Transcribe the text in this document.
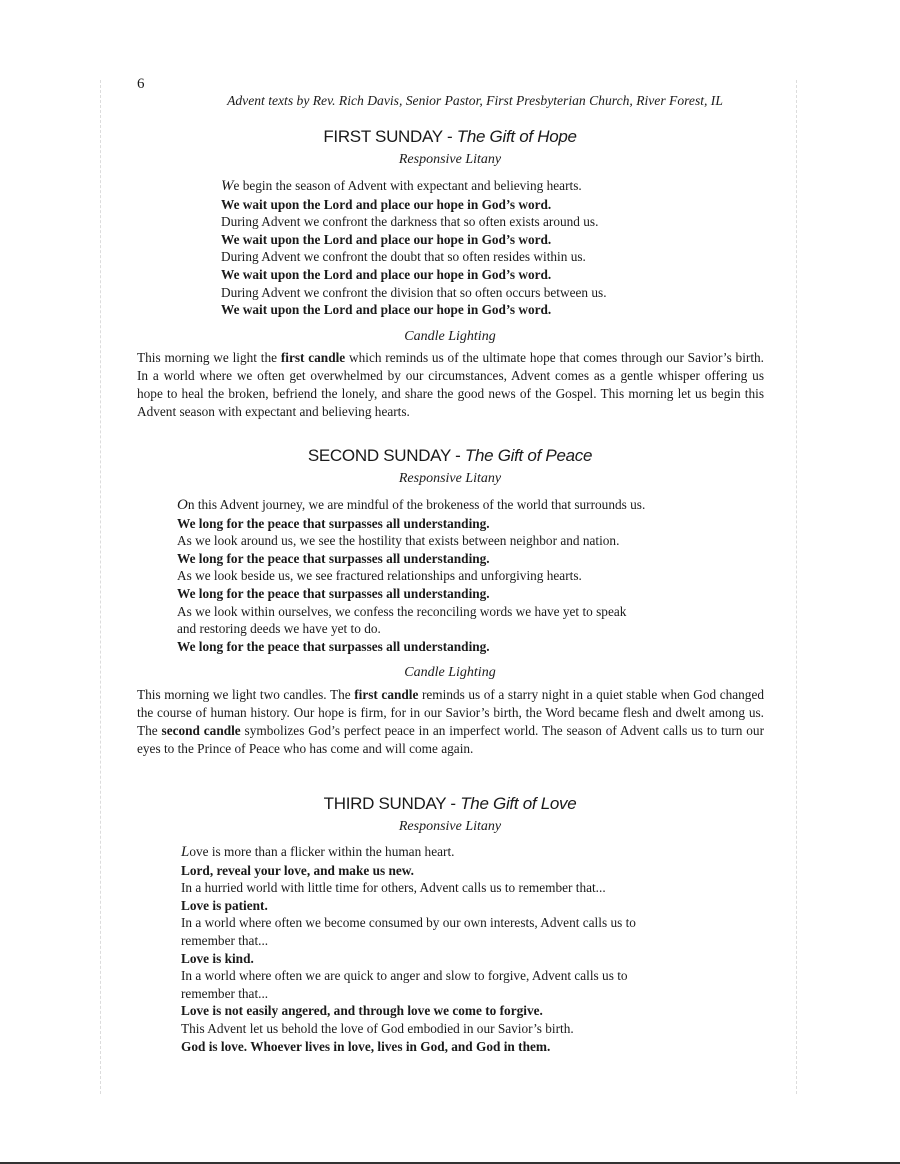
6
Advent texts by Rev. Rich Davis, Senior Pastor, First Presbyterian Church, River Forest, IL
FIRST SUNDAY - The Gift of Hope
Responsive Litany
We begin the season of Advent with expectant and believing hearts.
We wait upon the Lord and place our hope in God’s word.
During Advent we confront the darkness that so often exists around us.
We wait upon the Lord and place our hope in God’s word.
During Advent we confront the doubt that so often resides within us.
We wait upon the Lord and place our hope in God’s word.
During Advent we confront the division that so often occurs between us.
We wait upon the Lord and place our hope in God’s word.
Candle Lighting

This morning we light the first candle which reminds us of the ultimate hope that comes through our Savior’s birth. In a world where we often get overwhelmed by our circumstances, Advent comes as a gentle whisper offering us hope to heal the broken, befriend the lonely, and share the good news of the Gospel. This morning let us begin this Advent season with expectant and believing hearts.

SECOND SUNDAY - The Gift of Peace
Responsive Litany
On this Advent journey, we are mindful of the brokeness of the world that surrounds us.
We long for the peace that surpasses all understanding.
As we look around us, we see the hostility that exists between neighbor and nation.
We long for the peace that surpasses all understanding.
As we look beside us, we see fractured relationships and unforgiving hearts.
We long for the peace that surpasses all understanding.
As we look within ourselves, we confess the reconciling words we have yet to speak
and restoring deeds we have yet to do.
We long for the peace that surpasses all understanding.
Candle Lighting

This morning we light two candles. The first candle reminds us of a starry night in a quiet stable when God changed the course of human history. Our hope is firm, for in our Savior’s birth, the Word became flesh and dwelt among us. The second candle symbolizes God’s perfect peace in an imperfect world. The season of Advent calls us to turn our eyes to the Prince of Peace who has come and will come again.

THIRD SUNDAY - The Gift of Love
Responsive Litany
Love is more than a flicker within the human heart.
Lord, reveal your love, and make us new.
In a hurried world with little time for others, Advent calls us to remember that...
Love is patient.
In a world where often we become consumed by our own interests, Advent calls us to
remember that...
Love is kind.
In a world where often we are quick to anger and slow to forgive, Advent calls us to
remember that...
Love is not easily angered, and through love we come to forgive.
This Advent let us behold the love of God embodied in our Savior’s birth.
God is love. Whoever lives in love, lives in God, and God in them.
